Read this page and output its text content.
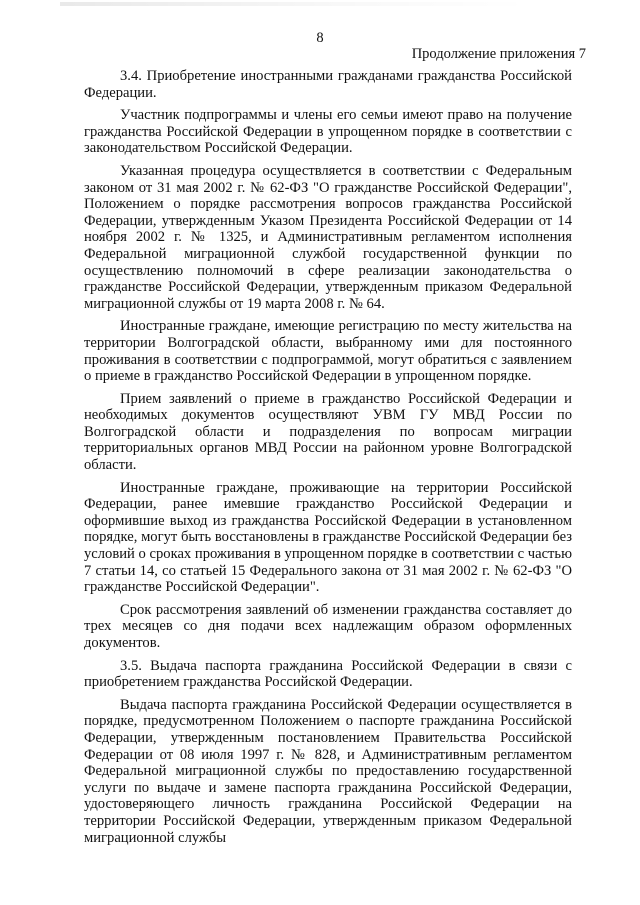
8
Продолжение приложения 7

3.4. Приобретение иностранными гражданами гражданства Российской Федерации.

Участник подпрограммы и члены его семьи имеют право на получение гражданства Российской Федерации в упрощенном порядке в соответствии с законодательством Российской Федерации.

Указанная процедура осуществляется в соответствии с Федеральным законом от 31 мая 2002 г. № 62-ФЗ "О гражданстве Российской Федерации", Положением о порядке рассмотрения вопросов гражданства Российской Федерации, утвержденным Указом Президента Российской Федерации от 14 ноября 2002 г. № 1325, и Административным регламентом исполнения Федеральной миграционной службой государственной функции по осуществлению полномочий в сфере реализации законодательства о гражданстве Российской Федерации, утвержденным приказом Федеральной миграционной службы от 19 марта 2008 г. № 64.

Иностранные граждане, имеющие регистрацию по месту жительства на территории Волгоградской области, выбранному ими для постоянного проживания в соответствии с подпрограммой, могут обратиться с заявлением о приеме в гражданство Российской Федерации в упрощенном порядке.

Прием заявлений о приеме в гражданство Российской Федерации и необходимых документов осуществляют УВМ ГУ МВД России по Волгоградской области и подразделения по вопросам миграции территориальных органов МВД России на районном уровне Волгоградской области.

Иностранные граждане, проживающие на территории Российской Федерации, ранее имевшие гражданство Российской Федерации и оформившие выход из гражданства Российской Федерации в установленном порядке, могут быть восстановлены в гражданстве Российской Федерации без условий о сроках проживания в упрощенном порядке в соответствии с частью 7 статьи 14, со статьей 15 Федерального закона от 31 мая 2002 г. № 62-ФЗ "О гражданстве Российской Федерации".

Срок рассмотрения заявлений об изменении гражданства составляет до трех месяцев со дня подачи всех надлежащим образом оформленных документов.

3.5. Выдача паспорта гражданина Российской Федерации в связи с приобретением гражданства Российской Федерации.

Выдача паспорта гражданина Российской Федерации осуществляется в порядке, предусмотренном Положением о паспорте гражданина Российской Федерации, утвержденным постановлением Правительства Российской Федерации от 08 июля 1997 г. № 828, и Административным регламентом Федеральной миграционной службы по предоставлению государственной услуги по выдаче и замене паспорта гражданина Российской Федерации, удостоверяющего личность гражданина Российской Федерации на территории Российской Федерации, утвержденным приказом Федеральной миграционной службы
